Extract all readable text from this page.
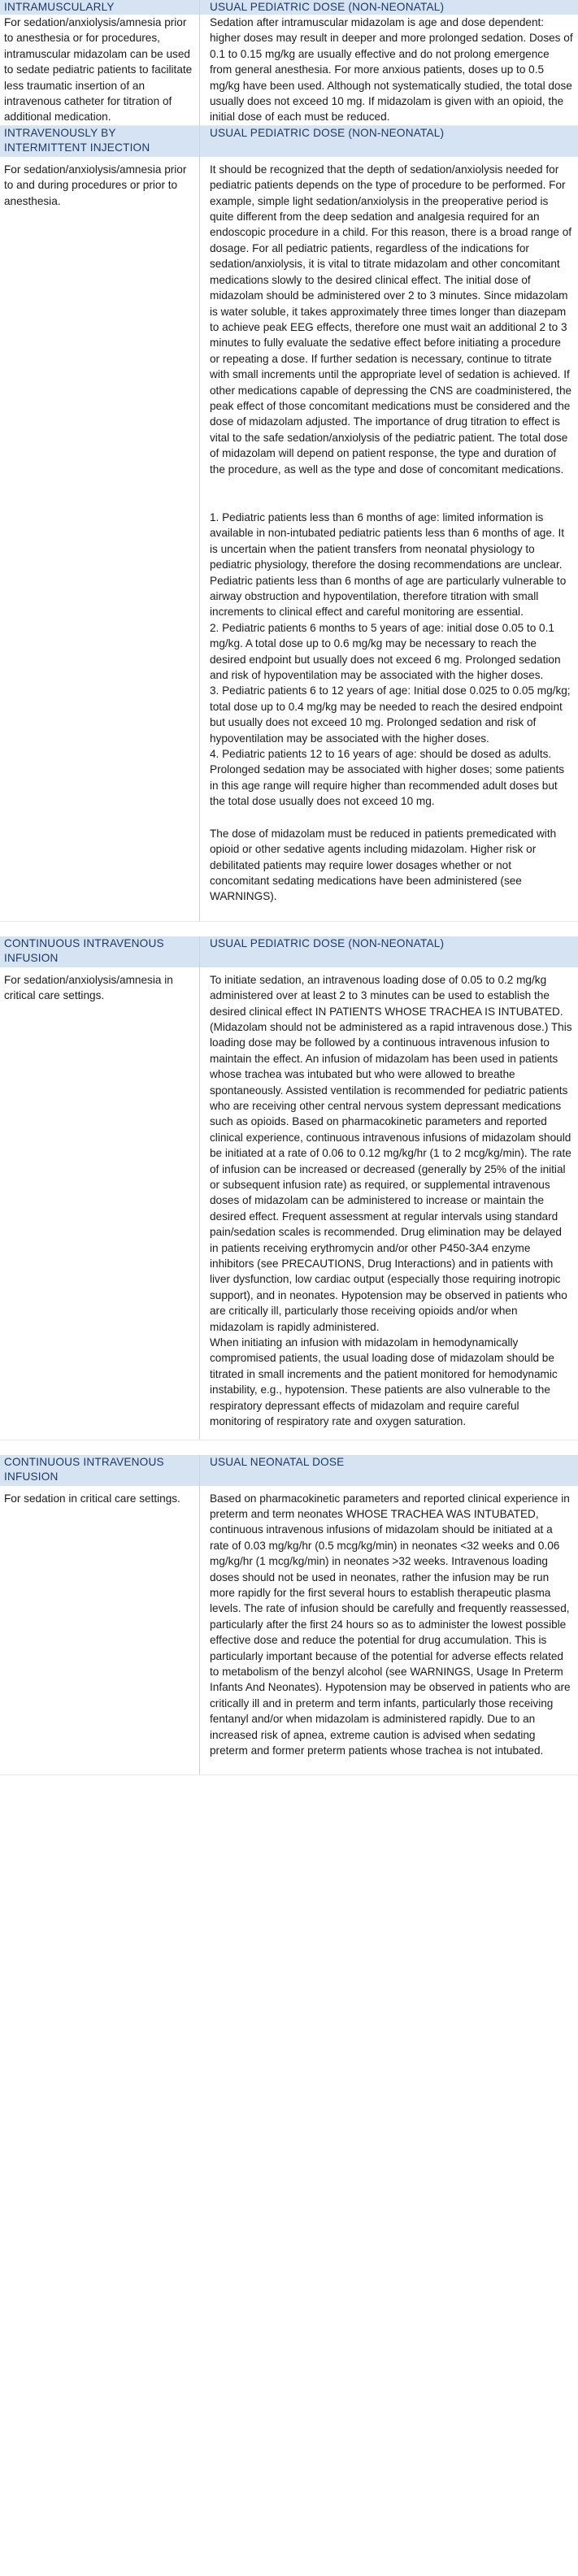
INTRAMUSCULARLY	USUAL PEDIATRIC DOSE (NON-NEONATAL)
For sedation/anxiolysis/amnesia prior to anesthesia or for procedures, intramuscular midazolam can be used to sedate pediatric patients to facilitate less traumatic insertion of an intravenous catheter for titration of additional medication.

Sedation after intramuscular midazolam is age and dose dependent: higher doses may result in deeper and more prolonged sedation. Doses of 0.1 to 0.15 mg/kg are usually effective and do not prolong emergence from general anesthesia. For more anxious patients, doses up to 0.5 mg/kg have been used. Although not systematically studied, the total dose usually does not exceed 10 mg. If midazolam is given with an opioid, the initial dose of each must be reduced.

INTRAVENOUSLY BY INTERMITTENT INJECTION
USUAL PEDIATRIC DOSE (NON-NEONATAL)
For sedation/anxiolysis/amnesia prior to and during procedures or prior to anesthesia.

It should be recognized that the depth of sedation/anxiolysis needed for pediatric patients depends on the type of procedure to be performed. For example, simple light sedation/anxiolysis in the preoperative period is quite different from the deep sedation and analgesia required for an endoscopic procedure in a child. For this reason, there is a broad range of dosage. For all pediatric patients, regardless of the indications for sedation/anxiolysis, it is vital to titrate midazolam and other concomitant medications slowly to the desired clinical effect. The initial dose of midazolam should be administered over 2 to 3 minutes. Since midazolam is water soluble, it takes approximately three times longer than diazepam to achieve peak EEG effects, therefore one must wait an additional 2 to 3 minutes to fully evaluate the sedative effect before initiating a procedure or repeating a dose. If further sedation is necessary, continue to titrate with small increments until the appropriate level of sedation is achieved. If other medications capable of depressing the CNS are coadministered, the peak effect of those concomitant medications must be considered and the dose of midazolam adjusted. The importance of drug titration to effect is vital to the safe sedation/anxiolysis of the pediatric patient. The total dose of midazolam will depend on patient response, the type and duration of the procedure, as well as the type and dose of concomitant medications.

1. Pediatric patients less than 6 months of age: limited information is available in non-intubated pediatric patients less than 6 months of age. It is uncertain when the patient transfers from neonatal physiology to pediatric physiology, therefore the dosing recommendations are unclear. Pediatric patients less than 6 months of age are particularly vulnerable to airway obstruction and hypoventilation, therefore titration with small increments to clinical effect and careful monitoring are essential.

2. Pediatric patients 6 months to 5 years of age: initial dose 0.05 to 0.1 mg/kg. A total dose up to 0.6 mg/kg may be necessary to reach the desired endpoint but usually does not exceed 6 mg. Prolonged sedation and risk of hypoventilation may be associated with the higher doses.

3. Pediatric patients 6 to 12 years of age: Initial dose 0.025 to 0.05 mg/kg; total dose up to 0.4 mg/kg may be needed to reach the desired endpoint but usually does not exceed 10 mg. Prolonged sedation and risk of hypoventilation may be associated with the higher doses.

4. Pediatric patients 12 to 16 years of age: should be dosed as adults. Prolonged sedation may be associated with higher doses; some patients in this age range will require higher than recommended adult doses but the total dose usually does not exceed 10 mg.

The dose of midazolam must be reduced in patients premedicated with opioid or other sedative agents including midazolam. Higher risk or debilitated patients may require lower dosages whether or not concomitant sedating medications have been administered (see WARNINGS).

CONTINUOUS INTRAVENOUS INFUSION
USUAL PEDIATRIC DOSE (NON-NEONATAL)
For sedation/anxiolysis/amnesia in critical care settings.

To initiate sedation, an intravenous loading dose of 0.05 to 0.2 mg/kg administered over at least 2 to 3 minutes can be used to establish the desired clinical effect IN PATIENTS WHOSE TRACHEA IS INTUBATED. (Midazolam should not be administered as a rapid intravenous dose.) This loading dose may be followed by a continuous intravenous infusion to maintain the effect. An infusion of midazolam has been used in patients whose trachea was intubated but who were allowed to breathe spontaneously. Assisted ventilation is recommended for pediatric patients who are receiving other central nervous system depressant medications such as opioids. Based on pharmacokinetic parameters and reported clinical experience, continuous intravenous infusions of midazolam should be initiated at a rate of 0.06 to 0.12 mg/kg/hr (1 to 2 mcg/kg/min). The rate of infusion can be increased or decreased (generally by 25% of the initial or subsequent infusion rate) as required, or supplemental intravenous doses of midazolam can be administered to increase or maintain the desired effect. Frequent assessment at regular intervals using standard pain/sedation scales is recommended. Drug elimination may be delayed in patients receiving erythromycin and/or other P450-3A4 enzyme inhibitors (see PRECAUTIONS, Drug Interactions) and in patients with liver dysfunction, low cardiac output (especially those requiring inotropic support), and in neonates. Hypotension may be observed in patients who are critically ill, particularly those receiving opioids and/or when midazolam is rapidly administered.

When initiating an infusion with midazolam in hemodynamically compromised patients, the usual loading dose of midazolam should be titrated in small increments and the patient monitored for hemodynamic instability, e.g., hypotension. These patients are also vulnerable to the respiratory depressant effects of midazolam and require careful monitoring of respiratory rate and oxygen saturation.

CONTINUOUS INTRAVENOUS INFUSION
USUAL NEONATAL DOSE
For sedation in critical care settings.	Based on pharmacokinetic parameters and reported clinical experience in preterm and term neonates WHOSE TRACHEA WAS INTUBATED, continuous intravenous infusions of midazolam should be initiated at a rate of 0.03 mg/kg/hr (0.5 mcg/kg/min) in neonates <32 weeks and 0.06 mg/kg/hr (1 mcg/kg/min) in neonates >32 weeks. Intravenous loading doses should not be used in neonates, rather the infusion may be run more rapidly for the first several hours to establish therapeutic plasma levels. The rate of infusion should be carefully and frequently reassessed, particularly after the first 24 hours so as to administer the lowest possible effective dose and reduce the potential for drug accumulation. This is particularly important because of the potential for adverse effects related to metabolism of the benzyl alcohol (see WARNINGS, Usage In Preterm Infants And Neonates). Hypotension may be observed in patients who are critically ill and in preterm and term infants, particularly those receiving fentanyl and/or when midazolam is administered rapidly. Due to an increased risk of apnea, extreme caution is advised when sedating preterm and former preterm patients whose trachea is not intubated.
